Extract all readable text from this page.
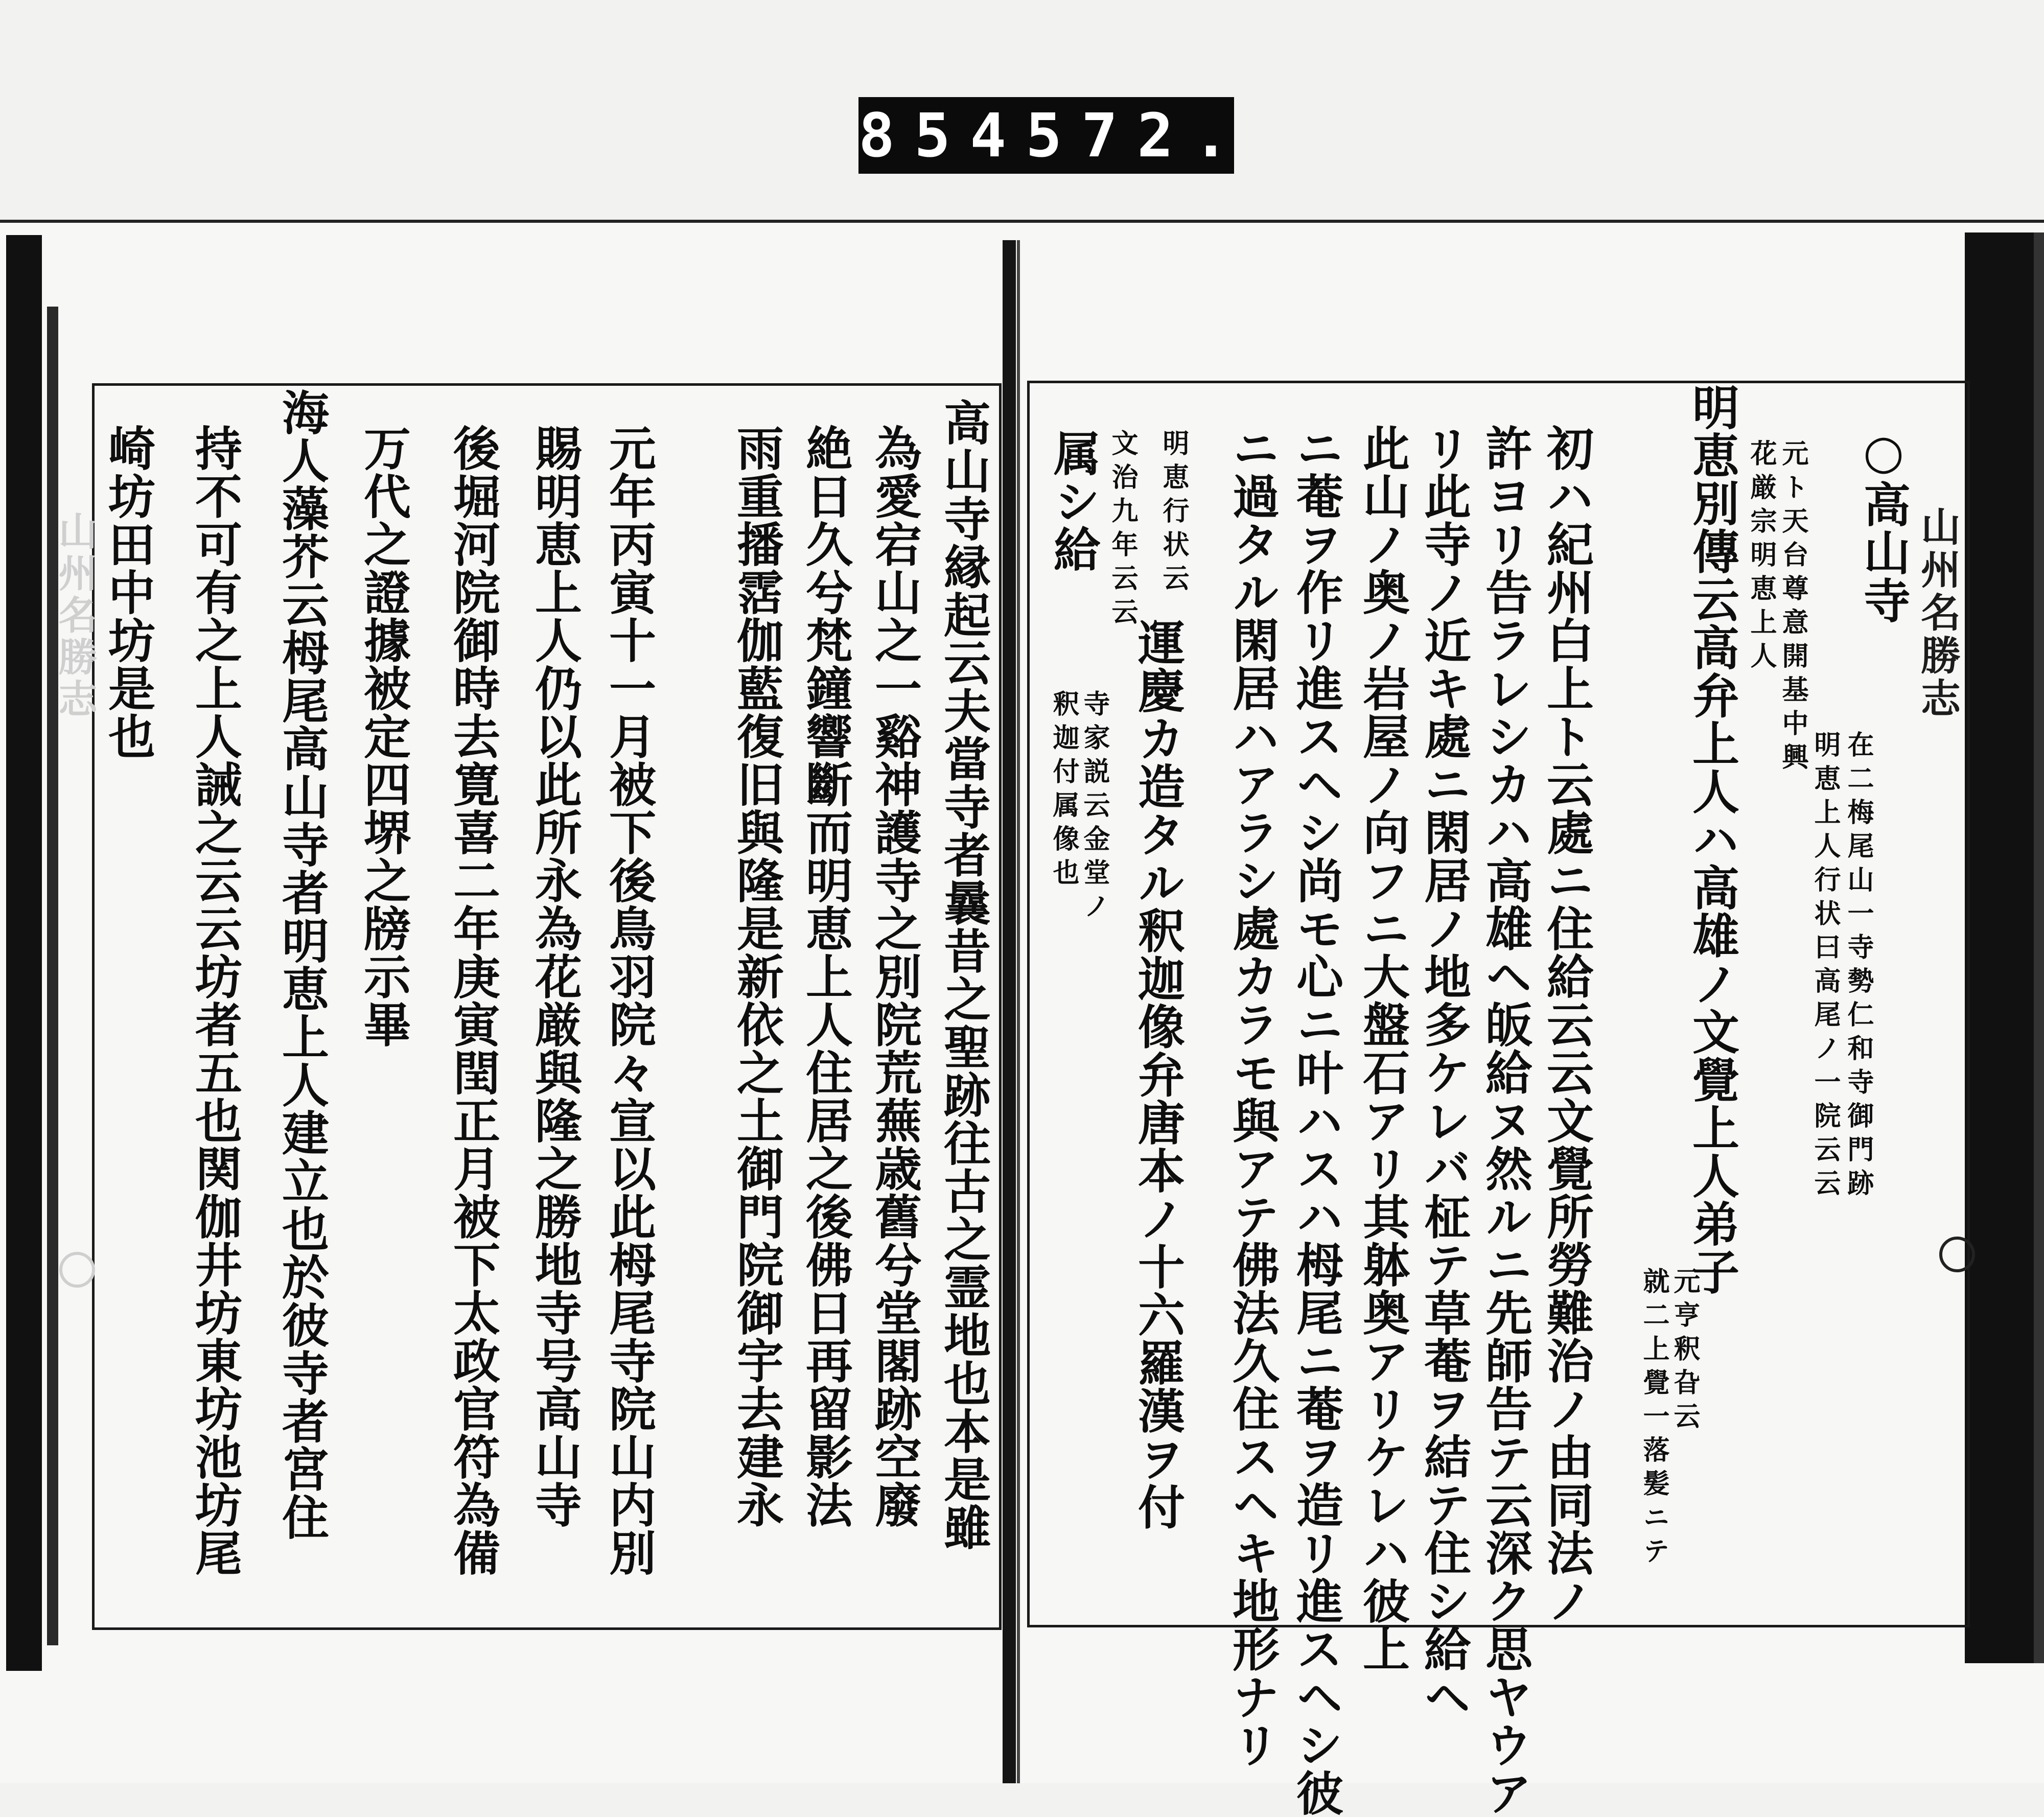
854 572.
山州名勝志	山州名勝志
○高山寺
在二梅尾山一寺勢仁和寺御門跡
明恵上人行状曰高尾ノ一院云云
元ト天台尊意開基中興
花厳宗明恵上人
明恵別傳云高弁上人ハ高雄ノ文覺上人弟子
元亨釈旮云
就二上覺一落髪ニテ
初ハ紀州白上ト云處ニ住給云云文覺所勞難治ノ由同法ノ
許ヨリ告ラレシカハ高雄ヘ皈給ヌ然ルニ先師告テ云深ク思ヤウア
リ此寺ノ近キ處ニ閑居ノ地多ケレバ柾テ草菴ヲ結テ住シ給ヘ
此山ノ奥ノ岩屋ノ向フニ大盤石アリ其躰奥アリケレハ彼上
ニ菴ヲ作リ進スヘシ尚モ心ニ叶ハスハ栂尾ニ菴ヲ造リ進スヘシ彼
ニ過タル閑居ハアラシ處カラモ與アテ佛法久住スヘキ地形ナリ
明恵行状云
文治九年云云
運慶カ造タル釈迦像弁唐本ノ十六羅漢ヲ付
寺家説云金堂ノ
釈迦付属像也
属シ給
高山寺縁起云夫當寺者曩昔之聖跡往古之霊地也本是雖
為愛宕山之一谿神護寺之別院荒蕪歳舊兮堂閣跡空廢
絶日久兮梵鐘響斷而明恵上人住居之後佛日再留影法
雨重播霑伽藍復旧與隆是新依之土御門院御宇去建永
元年丙寅十一月被下後鳥羽院々宣以此栂尾寺院山内別
賜明恵上人仍以此所永為花厳與隆之勝地寺号高山寺
後堀河院御時去寛喜二年庚寅閏正月被下太政官符為備
万代之證據被定四堺之牓示畢
海人藻芥云栂尾高山寺者明恵上人建立也於彼寺者宮住
持不可有之上人誡之云云坊者五也関伽井坊東坊池坊尾
崎坊田中坊是也
